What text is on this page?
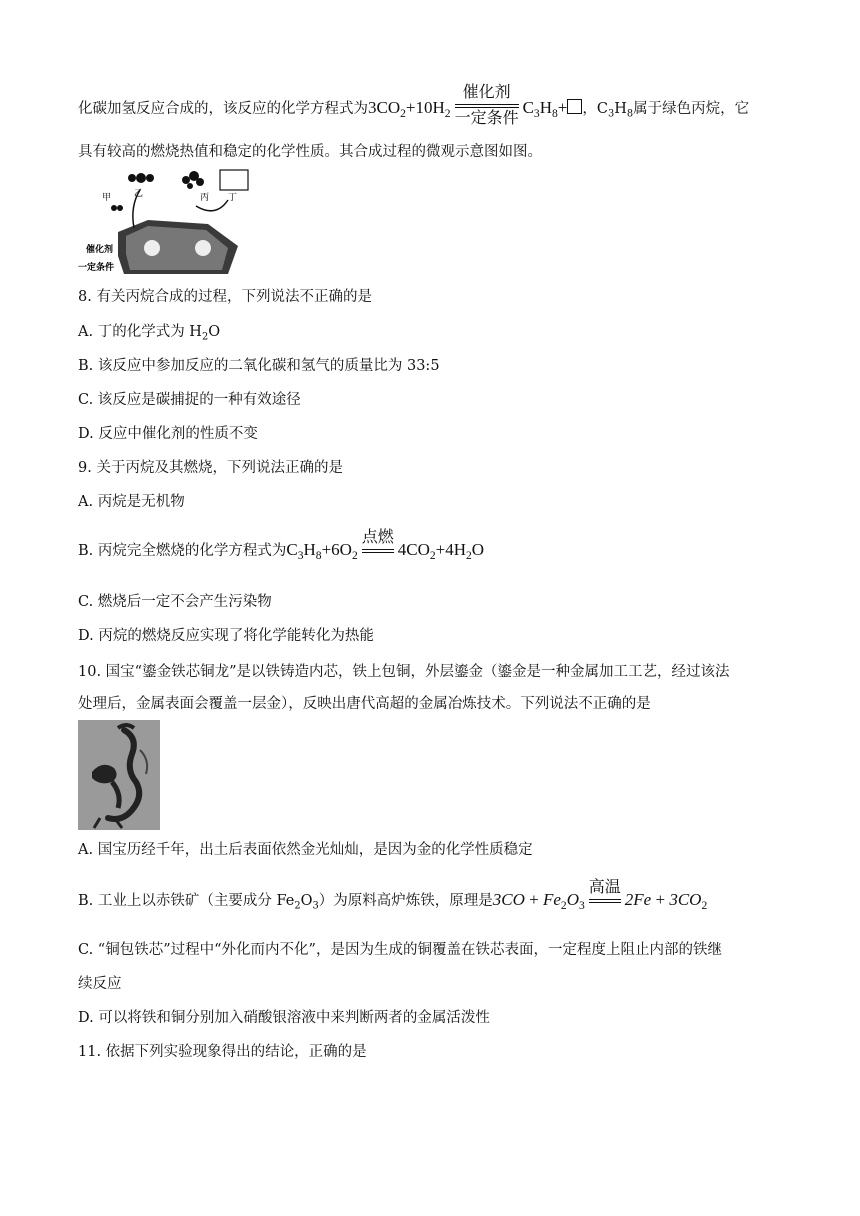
化碳加氢反应合成的，该反应的化学方程式为$3CO_2+10H_2$
催化剂
一定条件
$C_3H_8+$ ，$C_3H_8$属于绿色丙烷，它
具有较高的燃烧热值和稳定的化学性质。其合成过程的微观示意图如图。
甲	乙	丙 丁
催化剂
一定条件
8. 有关丙烷合成的过程，下列说法不正确的是
A. 丁的化学式为 $H_2O$
B. 该反应中参加反应的二氧化碳和氢气的质量比为 33:5
C. 该反应是碳捕捉的一种有效途径
D. 反应中催化剂的性质不变
9. 关于丙烷及其燃烧，下列说法正确的是
A. 丙烷是无机物
B. 丙烷完全燃烧的化学方程式为$C_3H_8+6O_2$
点燃
$4CO_2+4H_2O$
C. 燃烧后一定不会产生污染物
D. 丙烷的燃烧反应实现了将化学能转化为热能
10. 国宝“鎏金铁芯铜龙”是以铁铸造内芯，铁上包铜，外层鎏金（鎏金是一种金属加工工艺，经过该法
处理后，金属表面会覆盖一层金），反映出唐代高超的金属冶炼技术。下列说法不正确的是
A. 国宝历经千年，出土后表面依然金光灿灿，是因为金的化学性质稳定
B. 工业上以赤铁矿（主要成分 $Fe_2O_3$）为原料高炉炼铁，原理是$3CO + Fe_2O_3$
高温
$2Fe + 3CO_2$
C. “铜包铁芯”过程中“外化而内不化”，是因为生成的铜覆盖在铁芯表面，一定程度上阻止内部的铁继
续反应
D. 可以将铁和铜分别加入硝酸银溶液中来判断两者的金属活泼性
11. 依据下列实验现象得出的结论，正确的是
